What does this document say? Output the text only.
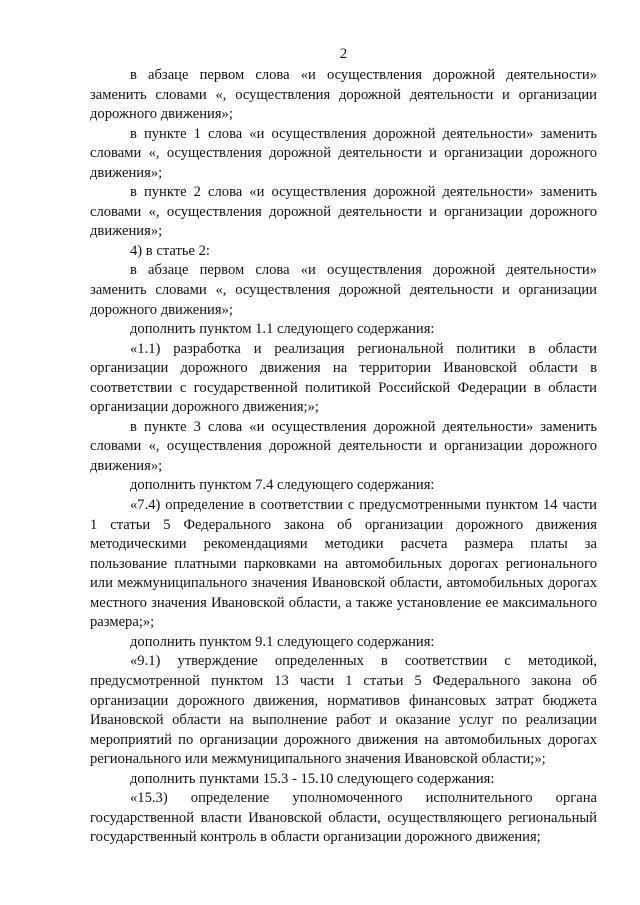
2

в абзаце первом слова «и осуществления дорожной деятельности» заменить словами «, осуществления дорожной деятельности и организации дорожного движения»;

в пункте 1 слова «и осуществления дорожной деятельности» заменить словами «, осуществления дорожной деятельности и организации дорожного движения»;

в пункте 2 слова «и осуществления дорожной деятельности» заменить словами «, осуществления дорожной деятельности и организации дорожного движения»;

4) в статье 2:

в абзаце первом слова «и осуществления дорожной деятельности» заменить словами «, осуществления дорожной деятельности и организации дорожного движения»;

дополнить пунктом 1.1 следующего содержания:

«1.1) разработка и реализация региональной политики в области организации дорожного движения на территории Ивановской области в соответствии с государственной политикой Российской Федерации в области организации дорожного движения;»;

в пункте 3 слова «и осуществления дорожной деятельности» заменить словами «, осуществления дорожной деятельности и организации дорожного движения»;

дополнить пунктом 7.4 следующего содержания:

«7.4) определение в соответствии с предусмотренными пунктом 14 части 1 статьи 5 Федерального закона об организации дорожного движения методическими рекомендациями методики расчета размера платы за пользование платными парковками на автомобильных дорогах регионального или межмуниципального значения Ивановской области, автомобильных дорогах местного значения Ивановской области, а также установление ее максимального размера;»;

дополнить пунктом 9.1 следующего содержания:

«9.1) утверждение определенных в соответствии с методикой, предусмотренной пунктом 13 части 1 статьи 5 Федерального закона об организации дорожного движения, нормативов финансовых затрат бюджета Ивановской области на выполнение работ и оказание услуг по реализации мероприятий по организации дорожного движения на автомобильных дорогах регионального или межмуниципального значения Ивановской области;»;

дополнить пунктами 15.3 - 15.10 следующего содержания:

«15.3) определение уполномоченного исполнительного органа государственной власти Ивановской области, осуществляющего региональный государственный контроль в области организации дорожного движения;
